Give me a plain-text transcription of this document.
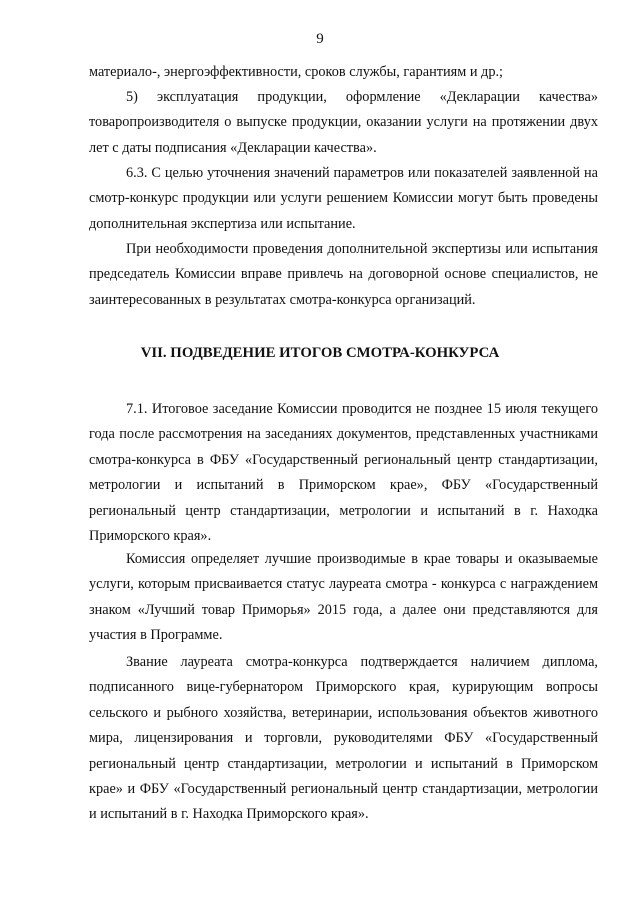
9

материало-, энергоэффективности, сроков службы, гарантиям и др.;

5) эксплуатация продукции, оформление «Декларации качества» товаропроизводителя о выпуске продукции, оказании услуги на протяжении двух лет с даты подписания «Декларации качества».

6.3. С целью уточнения значений параметров или показателей заявленной на смотр-конкурс продукции или услуги решением Комиссии могут быть проведены дополнительная экспертиза или испытание.

При необходимости проведения дополнительной экспертизы или испытания председатель Комиссии вправе привлечь на договорной основе специалистов, не заинтересованных в результатах смотра-конкурса организаций.

VII. ПОДВЕДЕНИЕ ИТОГОВ СМОТРА-КОНКУРСА

7.1. Итоговое заседание Комиссии проводится не позднее 15 июля текущего года после рассмотрения на заседаниях документов, представленных участниками смотра-конкурса в ФБУ «Государственный региональный центр стандартизации, метрологии и испытаний в Приморском крае», ФБУ «Государственный региональный центр стандартизации, метрологии и испытаний в г. Находка Приморского края».

Комиссия определяет лучшие производимые в крае товары и оказываемые услуги, которым присваивается статус лауреата смотра - конкурса с награждением знаком «Лучший товар Приморья» 2015 года, а далее они представляются для участия в Программе.

Звание лауреата смотра-конкурса подтверждается наличием диплома, подписанного вице-губернатором Приморского края, курирующим вопросы сельского и рыбного хозяйства, ветеринарии, использования объектов животного мира, лицензирования и торговли, руководителями ФБУ «Государственный региональный центр стандартизации, метрологии и испытаний в Приморском крае» и ФБУ «Государственный региональный центр стандартизации, метрологии и испытаний в г. Находка Приморского края».
